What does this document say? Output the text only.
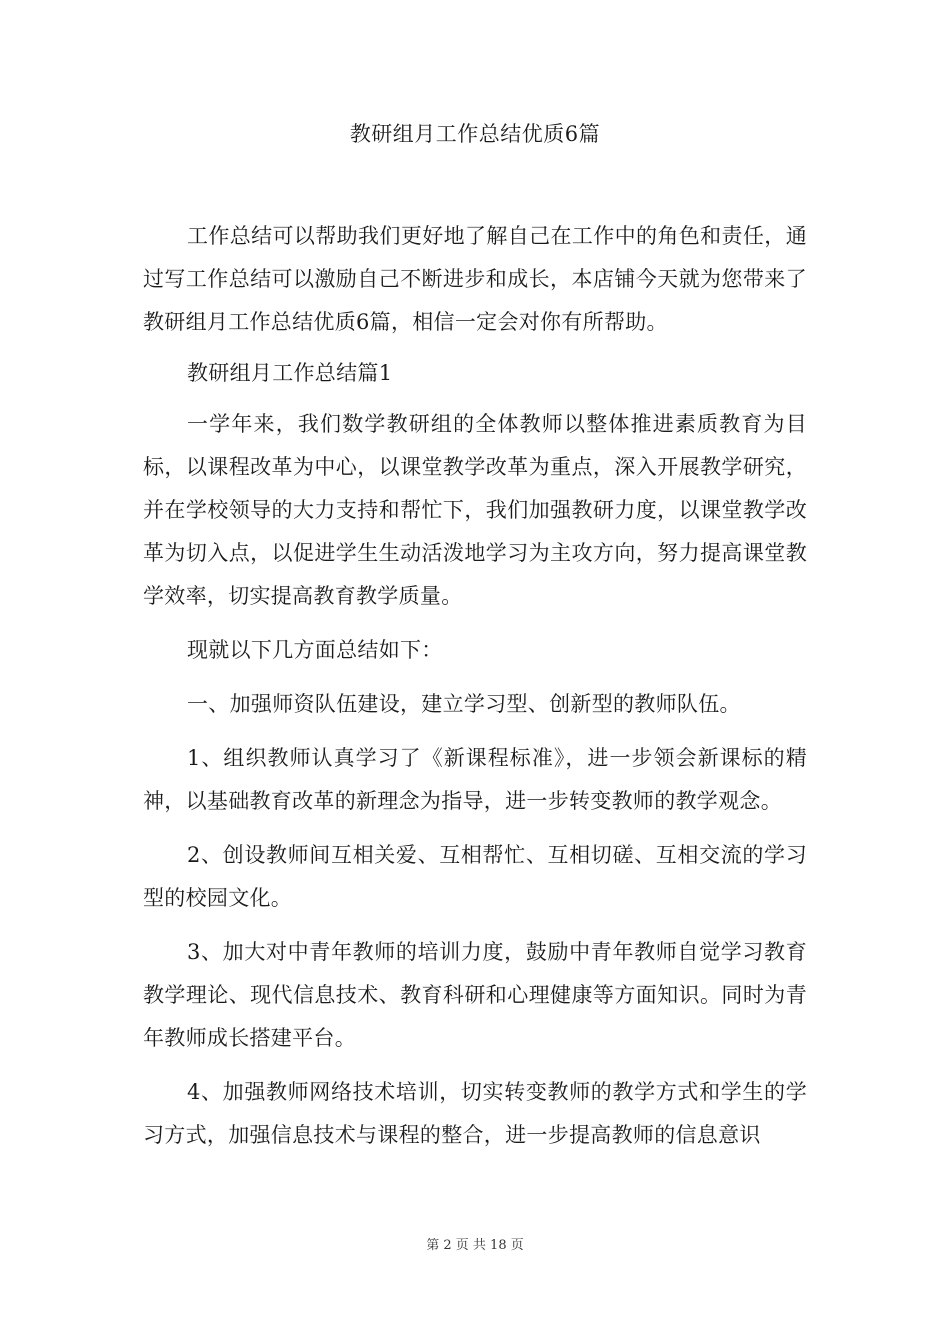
教研组月工作总结优质6篇

工作总结可以帮助我们更好地了解自己在工作中的角色和责任，通过写工作总结可以激励自己不断进步和成长，本店铺今天就为您带来了教研组月工作总结优质6篇，相信一定会对你有所帮助。

教研组月工作总结篇1

一学年来，我们数学教研组的全体教师以整体推进素质教育为目标，以课程改革为中心，以课堂教学改革为重点，深入开展教学研究，并在学校领导的大力支持和帮忙下，我们加强教研力度，以课堂教学改革为切入点，以促进学生生动活泼地学习为主攻方向，努力提高课堂教学效率，切实提高教育教学质量。

现就以下几方面总结如下：

一、加强师资队伍建设，建立学习型、创新型的教师队伍。

1、组织教师认真学习了《新课程标准》，进一步领会新课标的精神，以基础教育改革的新理念为指导，进一步转变教师的教学观念。

2、创设教师间互相关爱、互相帮忙、互相切磋、互相交流的学习型的校园文化。

3、加大对中青年教师的培训力度，鼓励中青年教师自觉学习教育教学理论、现代信息技术、教育科研和心理健康等方面知识。同时为青年教师成长搭建平台。

4、加强教师网络技术培训，切实转变教师的教学方式和学生的学习方式，加强信息技术与课程的整合，进一步提高教师的信息意识

第 2 页 共 18 页
